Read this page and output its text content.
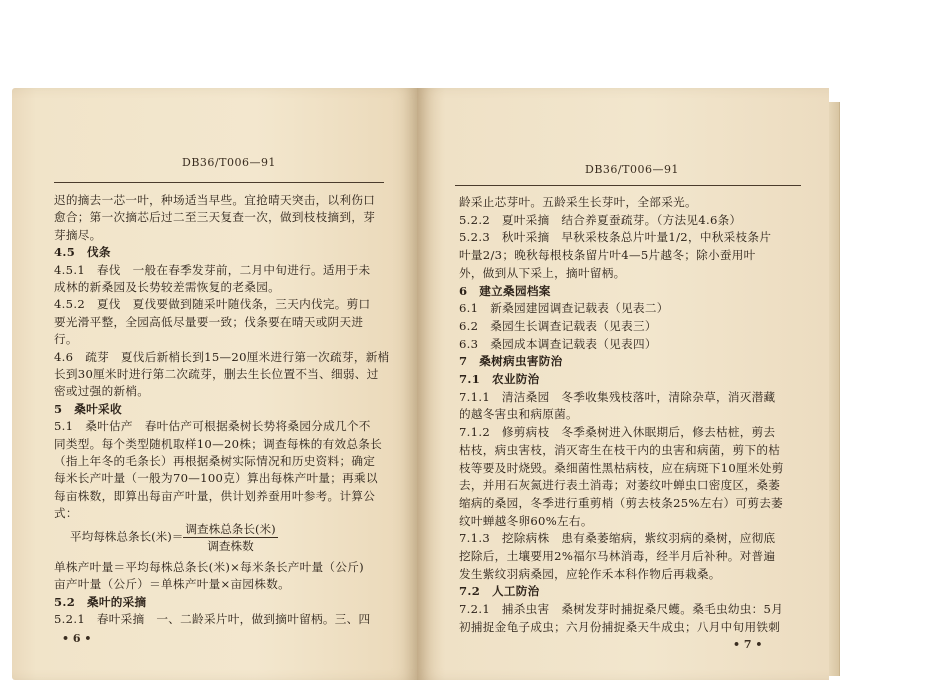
DB36/T006—91
迟的摘去一芯一叶，种场适当早些。宜抢晴天突击，以利伤口
愈合；第一次摘芯后过二至三天复查一次，做到枝枝摘到，芽
芽摘尽。
4.5　伐条
4.5.1　春伐　一般在春季发芽前，二月中旬进行。适用于未
成林的新桑园及长势较差需恢复的老桑园。
4.5.2　夏伐　夏伐要做到随采叶随伐条，三天内伐完。剪口
要光滑平整，全园高低尽量要一致；伐条要在晴天或阴天进
行。
4.6　疏芽　夏伐后新梢长到15—20厘米进行第一次疏芽，新梢
长到30厘米时进行第二次疏芽，删去生长位置不当、细弱、过
密或过强的新梢。
5　桑叶采收
5.1　桑叶估产　春叶估产可根据桑树长势将桑园分成几个不
同类型。每个类型随机取样10—20株；调查每株的有效总条长
（指上年冬的毛条长）再根据桑树实际情况和历史资料；确定
每米长产叶量（一般为70—100克）算出每株产叶量；再乘以
每亩株数，即算出每亩产叶量，供计划养蚕用叶参考。计算公
式：
平均每株总条长(米)＝ $\frac{\text{调查株总条长(米)}}{\text{调查株数}}$
单株产叶量＝平均每株总条长(米)×每米条长产叶量（公斤)
亩产叶量（公斤）＝单株产叶量×亩园株数。
5.2　桑叶的采摘
5.2.1　春叶采摘　一、二龄采片叶，做到摘叶留柄。三、四
• 6 •
DB36/T006—91
龄采止芯芽叶。五龄采生长芽叶，全部采光。
5.2.2　夏叶采摘　结合养夏蚕疏芽。（方法见4.6条）
5.2.3　秋叶采摘　早秋采枝条总片叶量1/2，中秋采枝条片
叶量2/3；晚秋每根枝条留片叶4—5片越冬；除小蚕用叶
外，做到从下采上，摘叶留柄。
6　建立桑园档案
6.1　新桑园建园调查记载表（见表二）
6.2　桑园生长调查记载表（见表三）
6.3　桑园成本调查记载表（见表四）
7　桑树病虫害防治
7.1　农业防治
7.1.1　清洁桑园　冬季收集残枝落叶，清除杂草，消灭潜藏
的越冬害虫和病原菌。
7.1.2　修剪病枝　冬季桑树进入休眠期后，修去枯桩，剪去
枯枝，病虫害枝，消灭寄生在枝干内的虫害和病菌，剪下的枯
枝等要及时烧毁。桑细菌性黑枯病枝，应在病斑下10厘米处剪
去，并用石灰氮进行表土消毒；对萎纹叶蝉虫口密度区，桑萎
缩病的桑园，冬季进行重剪梢（剪去枝条25%左右）可剪去萎
纹叶蝉越冬卵60%左右。
7.1.3　挖除病株　患有桑萎缩病，紫纹羽病的桑树，应彻底
挖除后，土壤要用2%福尔马林消毒，经半月后补种。对普遍
发生紫纹羽病桑园，应轮作禾本科作物后再栽桑。
7.2　人工防治
7.2.1　捕杀虫害　桑树发芽时捕捉桑尺蠖。桑毛虫幼虫：5月
初捕捉金龟子成虫；六月份捕捉桑天牛成虫；八月中旬用铁刺
• 7 •
